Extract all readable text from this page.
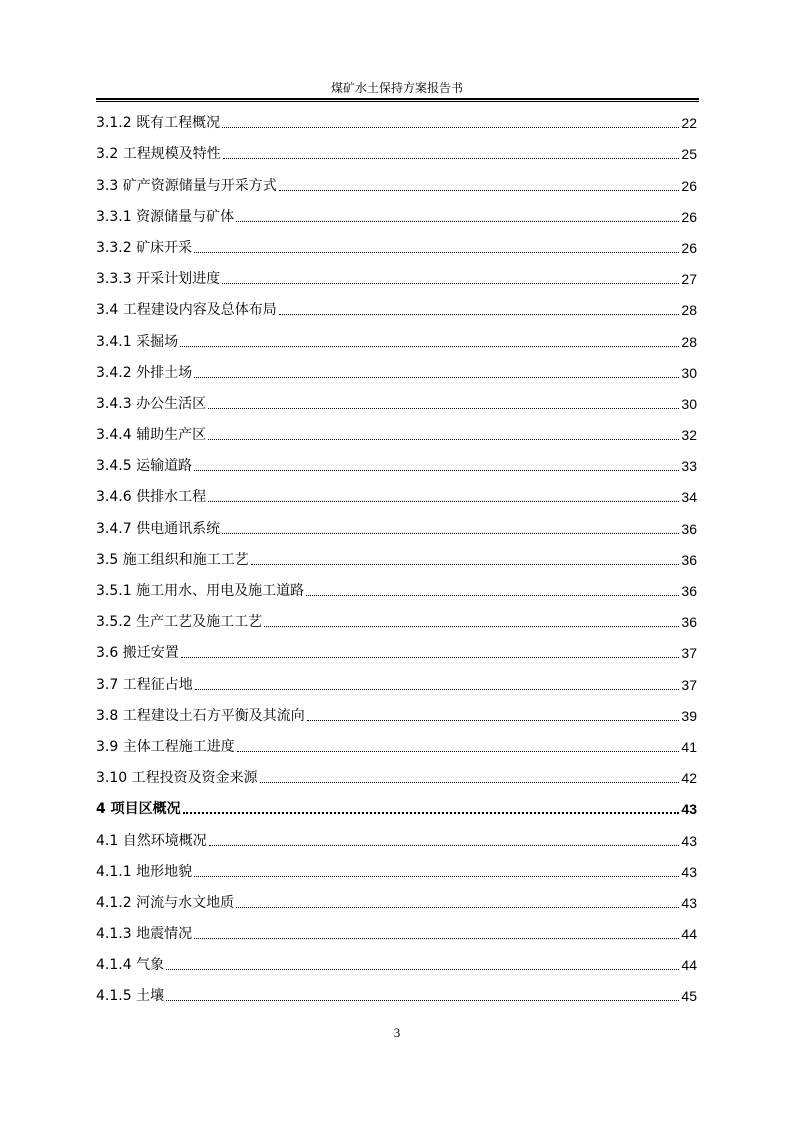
煤矿水土保持方案报告书
3.1.2 既有工程概况	22
3.2 工程规模及特性	25
3.3 矿产资源储量与开采方式	26
3.3.1 资源储量与矿体	26
3.3.2 矿床开采	26
3.3.3 开采计划进度	27
3.4 工程建设内容及总体布局	28
3.4.1 采掘场	28
3.4.2 外排土场	30
3.4.3 办公生活区	30
3.4.4 辅助生产区	32
3.4.5 运输道路	33
3.4.6 供排水工程	34
3.4.7 供电通讯系统	36
3.5 施工组织和施工工艺	36
3.5.1 施工用水、用电及施工道路	36
3.5.2 生产工艺及施工工艺	36
3.6 搬迁安置	37
3.7 工程征占地	37
3.8 工程建设土石方平衡及其流向	39
3.9 主体工程施工进度	41
3.10 工程投资及资金来源	42
4 项目区概况	43
4.1 自然环境概况	43
4.1.1 地形地貌	43
4.1.2 河流与水文地质	43
4.1.3 地震情况	44
4.1.4 气象	44
4.1.5 土壤	45
3
